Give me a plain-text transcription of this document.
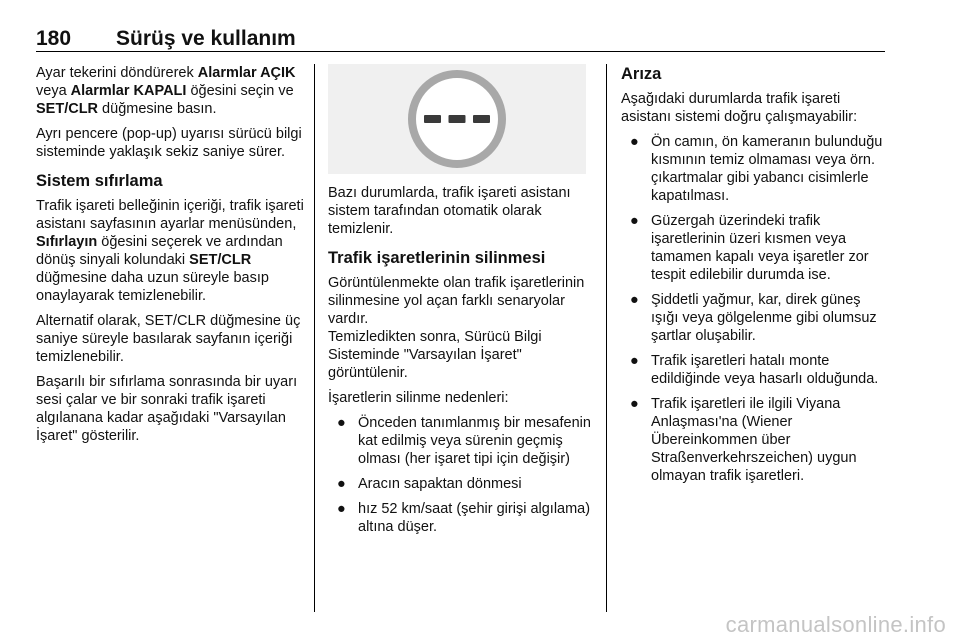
180 Sürüş ve kullanım

Ayar tekerini döndürerek Alarmlar AÇIK veya Alarmlar KAPALI öğesini seçin ve SET/CLR düğmesine basın.

Ayrı pencere (pop-up) uyarısı sürücü bilgi sisteminde yaklaşık sekiz saniye sürer.

Sistem sıfırlama

Trafik işareti belleğinin içeriği, trafik işareti asistanı sayfasının ayarlar menüsünden, Sıfırlayın öğesini seçerek ve ardından dönüş sinyali kolundaki SET/CLR düğmesine daha uzun süreyle basıp onaylayarak temizlenebilir.

Alternatif olarak, SET/CLR düğmesine üç saniye süreyle basılarak sayfanın içeriği temizlenebilir.

Başarılı bir sıfırlama sonrasında bir uyarı sesi çalar ve bir sonraki trafik işareti algılanana kadar aşağıdaki "Varsayılan İşaret" gösterilir.

Bazı durumlarda, trafik işareti asistanı sistem tarafından otomatik olarak temizlenir.

Trafik işaretlerinin silinmesi

Görüntülenmekte olan trafik işaretlerinin silinmesine yol açan farklı senaryolar vardır.

Temizledikten sonra, Sürücü Bilgi Sisteminde "Varsayılan İşaret" görüntülenir.

İşaretlerin silinme nedenleri:

● Önceden tanımlanmış bir mesafenin kat edilmiş veya sürenin geçmiş olması (her işaret tipi için değişir)
● Aracın sapaktan dönmesi
● hız 52 km/saat (şehir girişi algılama) altına düşer.
Arıza

Aşağıdaki durumlarda trafik işareti asistanı sistemi doğru çalışmayabilir:

● Ön camın, ön kameranın bulunduğu kısmının temiz olmaması veya örn. çıkartmalar gibi yabancı cisimlerle kapatılması.
● Güzergah üzerindeki trafik işaretlerinin üzeri kısmen veya tamamen kapalı veya işaretler zor tespit edilebilir durumda ise.
● Şiddetli yağmur, kar, direk güneş ışığı veya gölgelenme gibi olumsuz şartlar oluşabilir.
● Trafik işaretleri hatalı monte edildiğinde veya hasarlı olduğunda.
● Trafik işaretleri ile ilgili Viyana Anlaşması'na (Wiener Übereinkommen über Straßenverkehrszeichen) uygun olmayan trafik işaretleri.
carmanualsonline.info
